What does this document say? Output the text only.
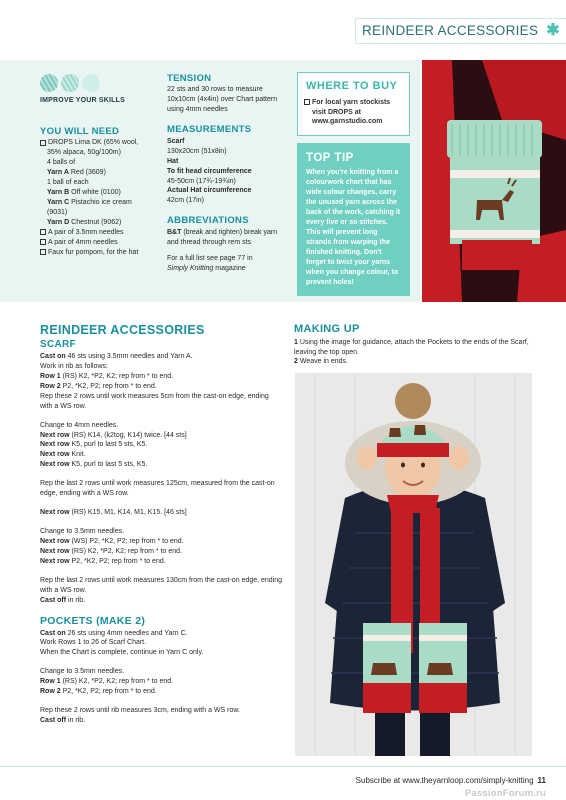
REINDEER ACCESSORIES ✱
IMPROVE YOUR SKILLS
YOU WILL NEED
DROPS Lima DK (65% wool,
35% alpaca, 50g/100m)
4 balls of
Yarn A Red (3609)
1 ball of each
Yarn B Off white (0100)
Yarn C Pistachio ice cream
(9031)
Yarn D Chestnut (9062)
A pair of 3.5mm needles
A pair of 4mm needles
Faux fur pompom, for the hat
TENSION
22 sts and 30 rows to measure 10x10cm (4x4in) over Chart pattern using 4mm needles
MEASUREMENTS
Scarf
130x20cm (51x8in)
Hat
To fit head circumference
45-50cm (17¾-19¾in)
Actual Hat circumference
42cm (17in)
ABBREVIATIONS
B&T (break and tighten) break yarn and thread through rem sts
For a full list see page 77 in
Simply Knitting magazine
WHERE TO BUY
For local yarn stockists visit DROPS at www.garnstudio.com
TOP TIP
When you're knitting from a colourwork chart that has wide colour changes, carry the unused yarn across the back of the work, catching it every five or so stitches. This will prevent long strands from warping the finished knitting. Don't forget to twist your yarns when you change colour, to prevent holes!
REINDEER ACCESSORIES
SCARF
Cast on 46 sts using 3.5mm needles and Yarn A.
Work in rib as follows:
Row 1 (RS) K2, *P2, K2; rep from * to end.
Row 2 P2, *K2, P2; rep from * to end.
Rep these 2 rows until work measures 5cm from the cast-on edge, ending with a WS row.
Change to 4mm needles.
Next row (RS) K14, (k2tog, K14) twice. [44 sts]
Next row K5, purl to last 5 sts, K5.
Next row Knit.
Next row K5, purl to last 5 sts, K5.
Rep the last 2 rows until work measures 125cm, measured from the cast-on edge, ending with a WS row.
Next row (RS) K15, M1, K14, M1, K15. [46 sts]
Change to 3.5mm needles.
Next row (WS) P2, *K2, P2; rep from * to end.
Next row (RS) K2, *P2, K2; rep from * to end.
Next row P2, *K2, P2; rep from * to end.
Rep the last 2 rows until work measures 130cm from the cast-on edge, ending with a WS row.
Cast off in rib.
POCKETS (MAKE 2)
Cast on 26 sts using 4mm needles and Yarn C.
Work Rows 1 to 26 of Scarf Chart.
When the Chart is complete, continue in Yarn C only.
Change to 3.5mm needles.
Row 1 (RS) K2, *P2, K2; rep from * to end.
Row 2 P2, *K2, P2; rep from * to end.
Rep these 2 rows until rib measures 3cm, ending with a WS row.
Cast off in rib.
MAKING UP
1 Using the image for guidance, attach the Pockets to the ends of the Scarf, leaving the top open.
2 Weave in ends.
Subscribe at www.theyarnloop.com/simply-knitting 11
PassionForum.ru
